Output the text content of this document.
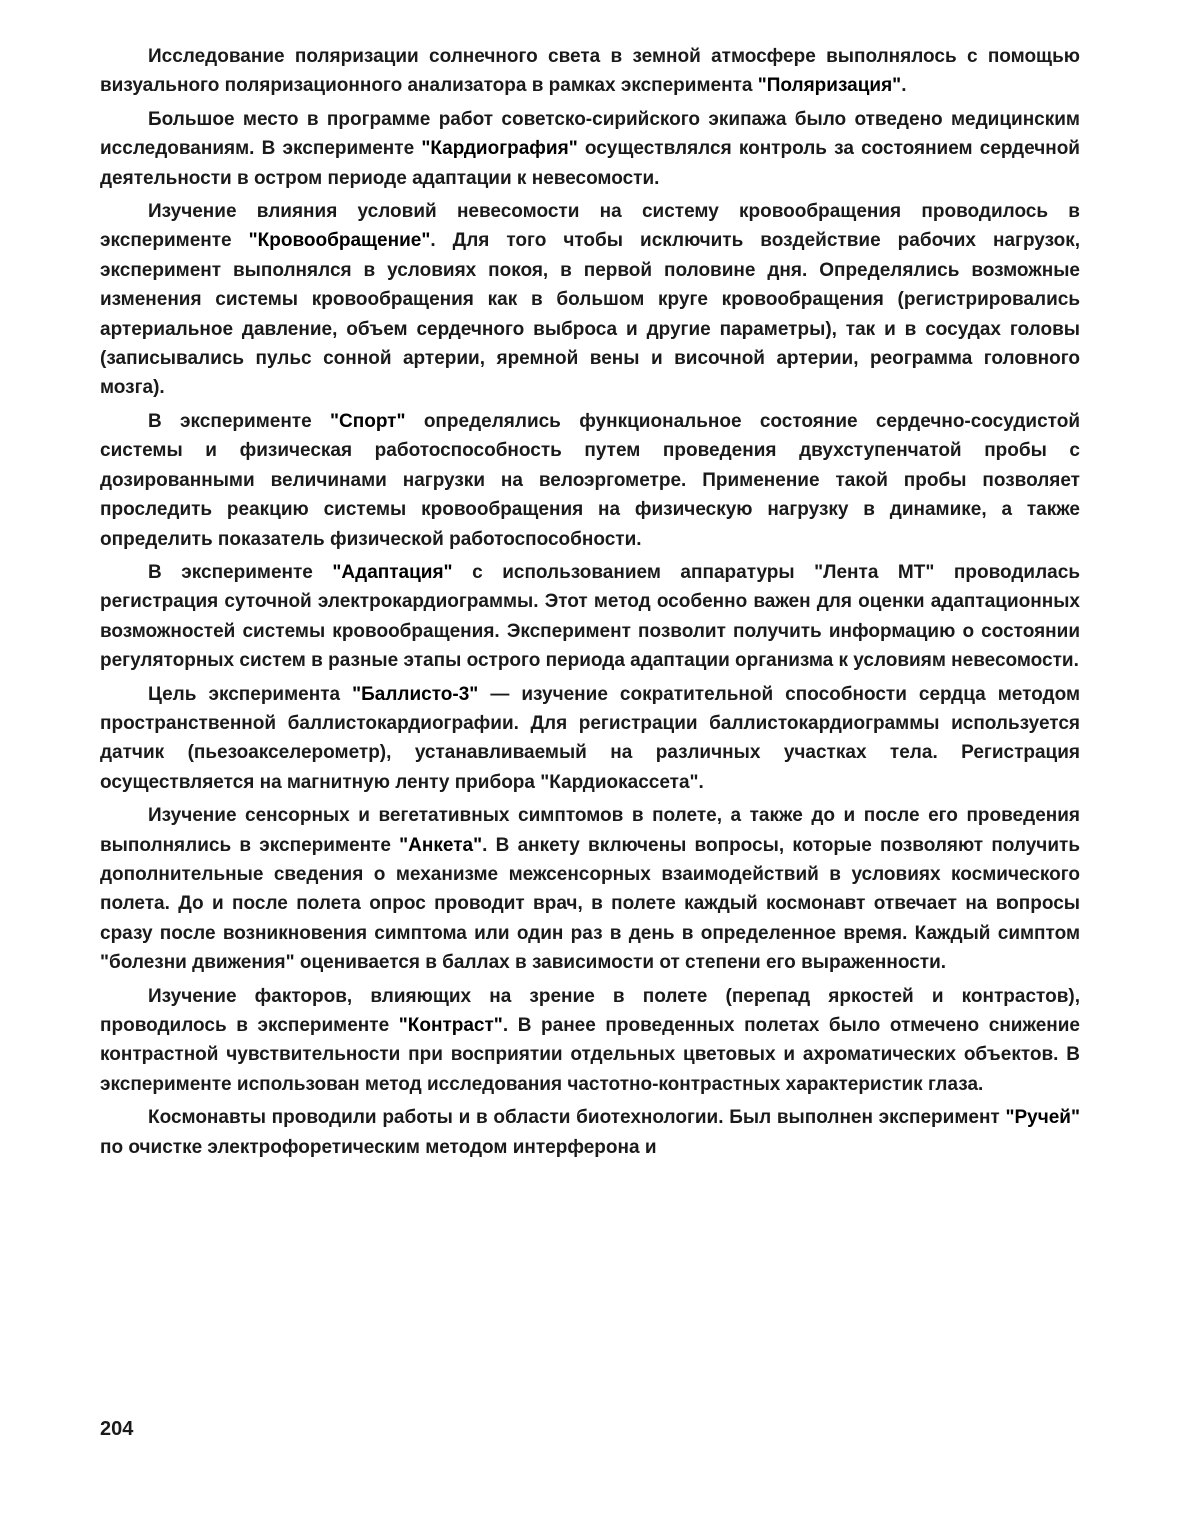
Исследование поляризации солнечного света в земной атмосфере выполнялось с помощью визуального поляризационного анализатора в рамках эксперимента "Поляризация".

Большое место в программе работ советско-сирийского экипажа было отведено медицинским исследованиям. В эксперименте "Кардиография" осуществлялся контроль за состоянием сердечной деятельности в остром периоде адаптации к невесомости.

Изучение влияния условий невесомости на систему кровообращения проводилось в эксперименте "Кровообращение". Для того чтобы исключить воздействие рабочих нагрузок, эксперимент выполнялся в условиях покоя, в первой половине дня. Определялись возможные изменения системы кровообращения как в большом круге кровообращения (регистрировались артериальное давление, объем сердечного выброса и другие параметры), так и в сосудах головы (записывались пульс сонной артерии, яремной вены и височной артерии, реограмма головного мозга).

В эксперименте "Спорт" определялись функциональное состояние сердечно-сосудистой системы и физическая работоспособность путем проведения двухступенчатой пробы с дозированными величинами нагрузки на велоэргометре. Применение такой пробы позволяет проследить реакцию системы кровообращения на физическую нагрузку в динамике, а также определить показатель физической работоспособности.

В эксперименте "Адаптация" с использованием аппаратуры "Лента МТ" проводилась регистрация суточной электрокардиограммы. Этот метод особенно важен для оценки адаптационных возможностей системы кровообращения. Эксперимент позволит получить информацию о состоянии регуляторных систем в разные этапы острого периода адаптации организма к условиям невесомости.

Цель эксперимента "Баллисто-3" — изучение сократительной способности сердца методом пространственной баллистокардиографии. Для регистрации баллистокардиограммы используется датчик (пьезоакселерометр), устанавливаемый на различных участках тела. Регистрация осуществляется на магнитную ленту прибора "Кардиокассета".

Изучение сенсорных и вегетативных симптомов в полете, а также до и после его проведения выполнялись в эксперименте "Анкета". В анкету включены вопросы, которые позволяют получить дополнительные сведения о механизме межсенсорных взаимодействий в условиях космического полета. До и после полета опрос проводит врач, в полете каждый космонавт отвечает на вопросы сразу после возникновения симптома или один раз в день в определенное время. Каждый симптом "болезни движения" оценивается в баллах в зависимости от степени его выраженности.

Изучение факторов, влияющих на зрение в полете (перепад яркостей и контрастов), проводилось в эксперименте "Контраст". В ранее проведенных полетах было отмечено снижение контрастной чувствительности при восприятии отдельных цветовых и ахроматических объектов. В эксперименте использован метод исследования частотно-контрастных характеристик глаза.

Космонавты проводили работы и в области биотехнологии. Был выполнен эксперимент "Ручей" по очистке электрофоретическим методом интерферона и

204
